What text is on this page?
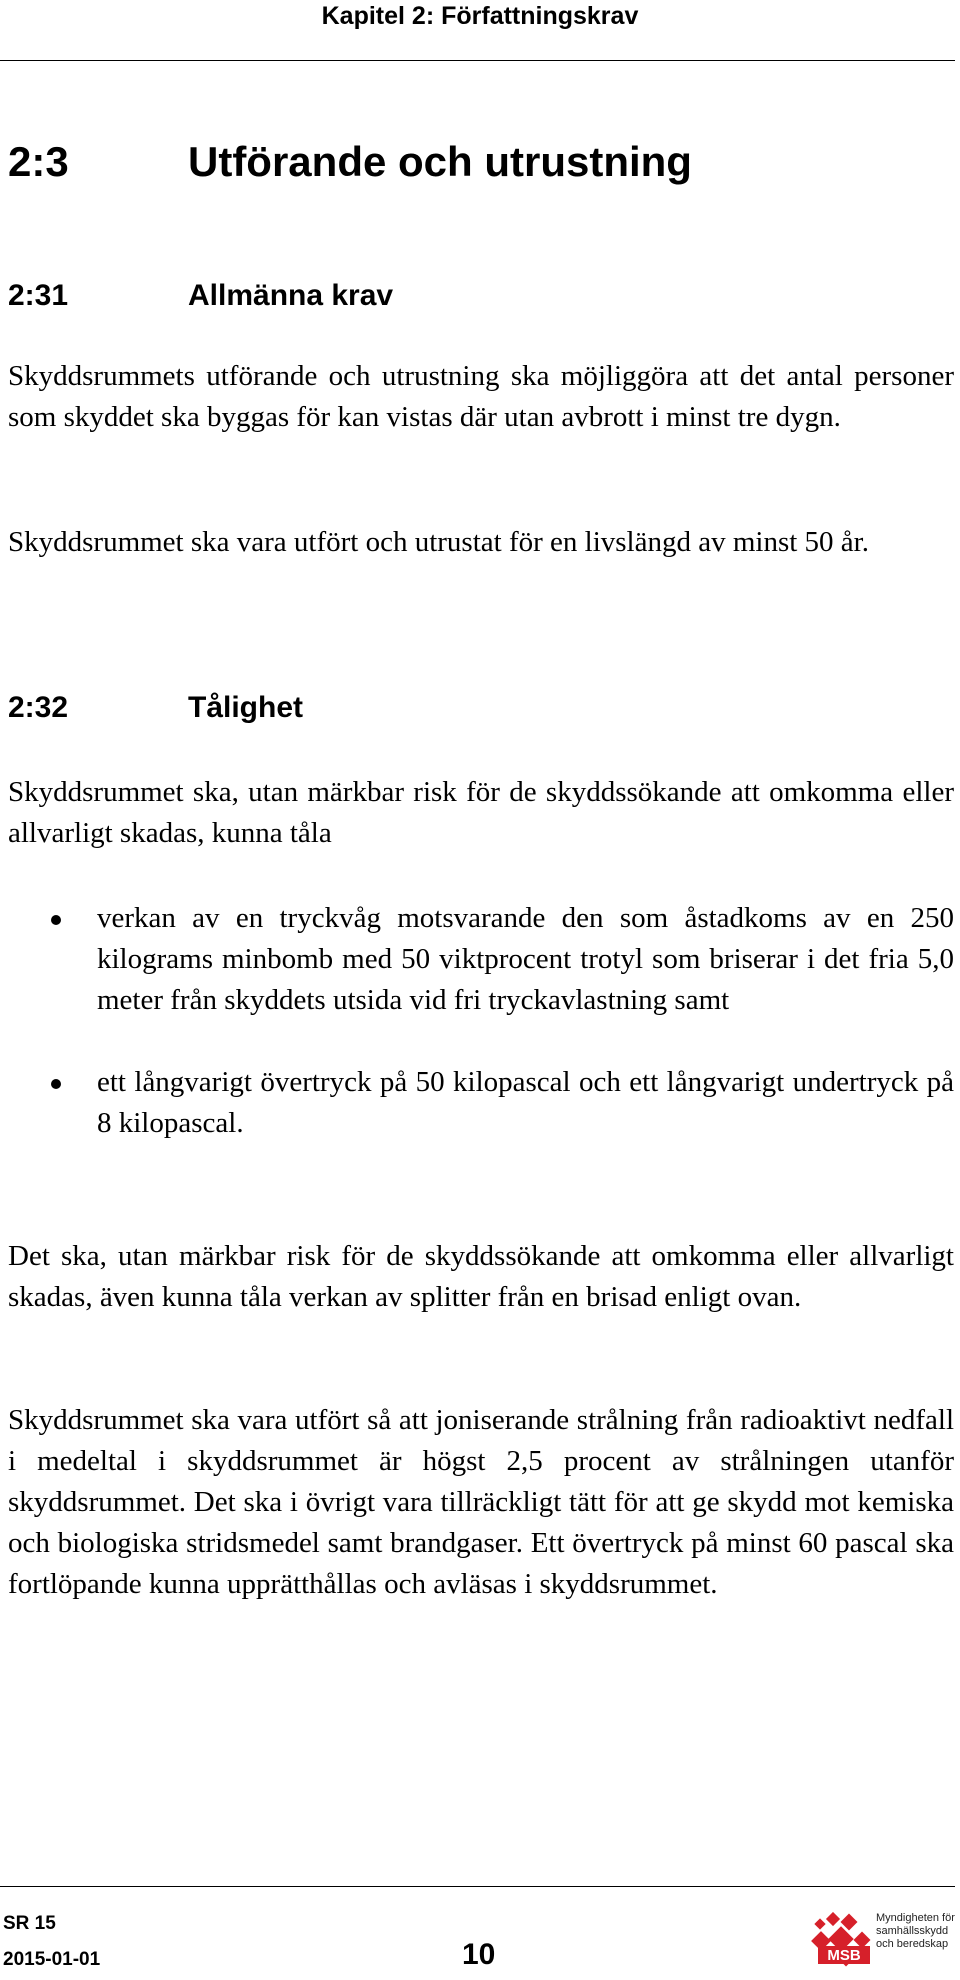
Kapitel 2: Författningskrav
2:3	Utförande och utrustning
2:31	Allmänna krav
Skyddsrummets utförande och utrustning ska möjliggöra att det antal personer som skyddet ska byggas för kan vistas där utan avbrott i minst tre dygn.
Skyddsrummet ska vara utfört och utrustat för en livslängd av minst 50 år.
2:32	Tålighet
Skyddsrummet ska, utan märkbar risk för de skyddssökande att omkomma eller allvarligt skadas, kunna tåla
verkan av en tryckvåg motsvarande den som åstadkoms av en 250 kilograms minbomb med 50 viktprocent trotyl som briserar i det fria 5,0 meter från skyddets utsida vid fri tryckavlastning samt
ett långvarigt övertryck på 50 kilopascal och ett långvarigt undertryck på 8 kilopascal.
Det ska, utan märkbar risk för de skyddssökande att omkomma eller allvarligt skadas, även kunna tåla verkan av splitter från en brisad enligt ovan.
Skyddsrummet ska vara utfört så att joniserande strålning från radioaktivt nedfall i medeltal i skyddsrummet är högst 2,5 procent av strålningen utanför skyddsrummet. Det ska i övrigt vara tillräckligt tätt för att ge skydd mot kemiska och biologiska stridsmedel samt brandgaser. Ett övertryck på minst 60 pascal ska fortlöpande kunna upprätthållas och avläsas i skyddsrummet.
SR 15
2015-01-01	10	MSB
Myndigheten för
samhällsskydd
och beredskap
